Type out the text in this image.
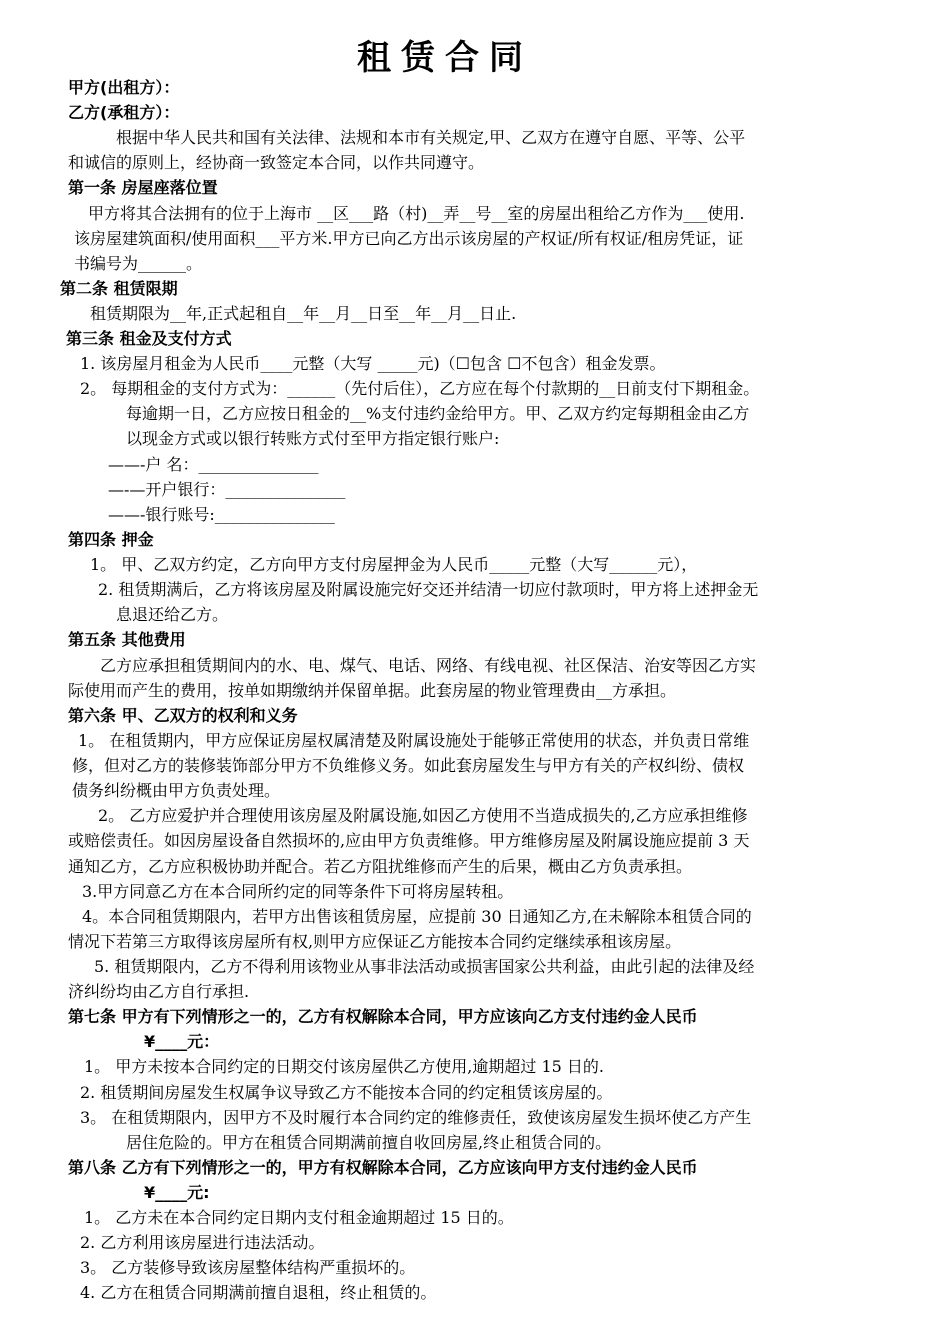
租赁合同
甲方(出租方）：
乙方(承租方）：
根据中华人民共和国有关法律、法规和本市有关规定,甲、乙双方在遵守自愿、平等、公平
和诚信的原则上，经协商一致签定本合同，以作共同遵守。
第一条 房屋座落位置
甲方将其合法拥有的位于上海市 __区___路（村)__弄__号__室的房屋出租给乙方作为___使用.
该房屋建筑面积/使用面积___平方米.甲方已向乙方出示该房屋的产权证/所有权证/租房凭证，证
书编号为______。
第二条 租赁限期
租赁期限为__年,正式起租自__年__月__日至__年__月__日止.
第三条 租金及支付方式
1. 该房屋月租金为人民币____元整（大写 _____元)（☐包含 ☐不包含）租金发票。
2。 每期租金的支付方式为：______（先付后住），乙方应在每个付款期的__日前支付下期租金。
每逾期一日，乙方应按日租金的__%支付违约金给甲方。甲、乙双方约定每期租金由乙方
以现金方式或以银行转账方式付至甲方指定银行账户:
——-户 名：_______________
—-—开户银行：_______________
——-银行账号:_______________
第四条 押金
1。 甲、乙双方约定，乙方向甲方支付房屋押金为人民币_____元整（大写______元），
2. 租赁期满后，乙方将该房屋及附属设施完好交还并结清一切应付款项时，甲方将上述押金无
息退还给乙方。
第五条 其他费用
乙方应承担租赁期间内的水、电、煤气、电话、网络、有线电视、社区保洁、治安等因乙方实
际使用而产生的费用，按单如期缴纳并保留单据。此套房屋的物业管理费由__方承担。
第六条 甲、乙双方的权利和义务
1。 在租赁期内，甲方应保证房屋权属清楚及附属设施处于能够正常使用的状态，并负责日常维
修，但对乙方的装修装饰部分甲方不负维修义务。如此套房屋发生与甲方有关的产权纠纷、债权
债务纠纷概由甲方负责处理。
2。 乙方应爱护并合理使用该房屋及附属设施,如因乙方使用不当造成损失的,乙方应承担维修
或赔偿责任。如因房屋设备自然损坏的,应由甲方负责维修。甲方维修房屋及附属设施应提前 3 天
通知乙方，乙方应积极协助并配合。若乙方阻扰维修而产生的后果，概由乙方负责承担。
3.甲方同意乙方在本合同所约定的同等条件下可将房屋转租。
4。本合同租赁期限内，若甲方出售该租赁房屋，应提前 30 日通知乙方,在未解除本租赁合同的
情况下若第三方取得该房屋所有权,则甲方应保证乙方能按本合同约定继续承租该房屋。
5. 租赁期限内，乙方不得利用该物业从事非法活动或损害国家公共利益，由此引起的法律及经
济纠纷均由乙方自行承担.
第七条 甲方有下列情形之一的，乙方有权解除本合同，甲方应该向乙方支付违约金人民币
¥____元：
1。 甲方未按本合同约定的日期交付该房屋供乙方使用,逾期超过 15 日的.
2. 租赁期间房屋发生权属争议导致乙方不能按本合同的约定租赁该房屋的。
3。 在租赁期限内，因甲方不及时履行本合同约定的维修责任，致使该房屋发生损坏使乙方产生
居住危险的。甲方在租赁合同期满前擅自收回房屋,终止租赁合同的。
第八条 乙方有下列情形之一的，甲方有权解除本合同，乙方应该向甲方支付违约金人民币
¥____元:
1。 乙方未在本合同约定日期内支付租金逾期超过 15 日的。
2. 乙方利用该房屋进行违法活动。
3。 乙方装修导致该房屋整体结构严重损坏的。
4. 乙方在租赁合同期满前擅自退租，终止租赁的。
